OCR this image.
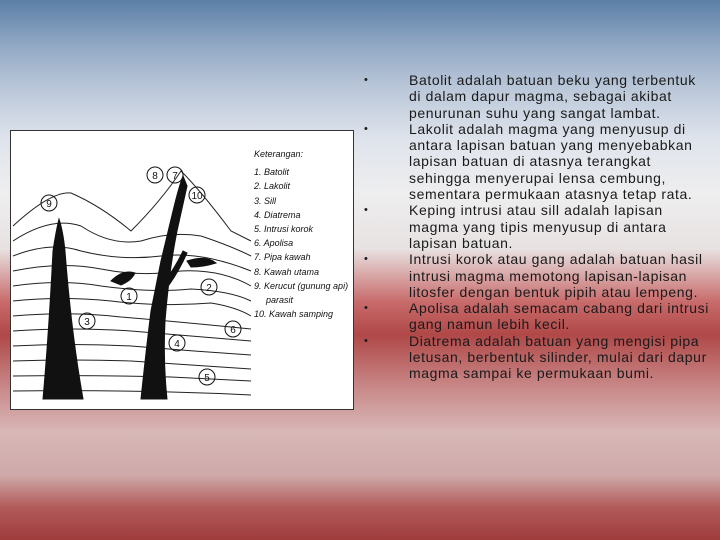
9
8
10
7
1
2
3
4
5
6
Keterangan:
1. Batolit
2. Lakolit
3. Sill
4. Diatrema
5. Intrusi korok
6. Apolisa
7. Pipa kawah
8. Kawah utama
9. Kerucut (gunung api)
parasit
10. Kawah samping
•	Batolit adalah batuan beku yang terbentuk di dalam dapur magma, sebagai akibat penurunan suhu yang sangat lambat.
•	Lakolit adalah magma yang menyusup di antara lapisan batuan yang menyebabkan lapisan batuan di atasnya terangkat sehingga menyerupai lensa cembung, sementara permukaan atasnya tetap rata.
•	Keping intrusi atau sill adalah lapisan magma yang tipis menyusup di antara lapisan batuan.
•	Intrusi korok atau gang adalah batuan hasil intrusi magma memotong lapisan-lapisan litosfer dengan bentuk pipih atau lempeng.
•	Apolisa adalah semacam cabang dari intrusi gang namun lebih kecil.
•	Diatrema adalah batuan yang mengisi pipa letusan, berbentuk silinder, mulai dari dapur magma sampai ke permukaan bumi.
